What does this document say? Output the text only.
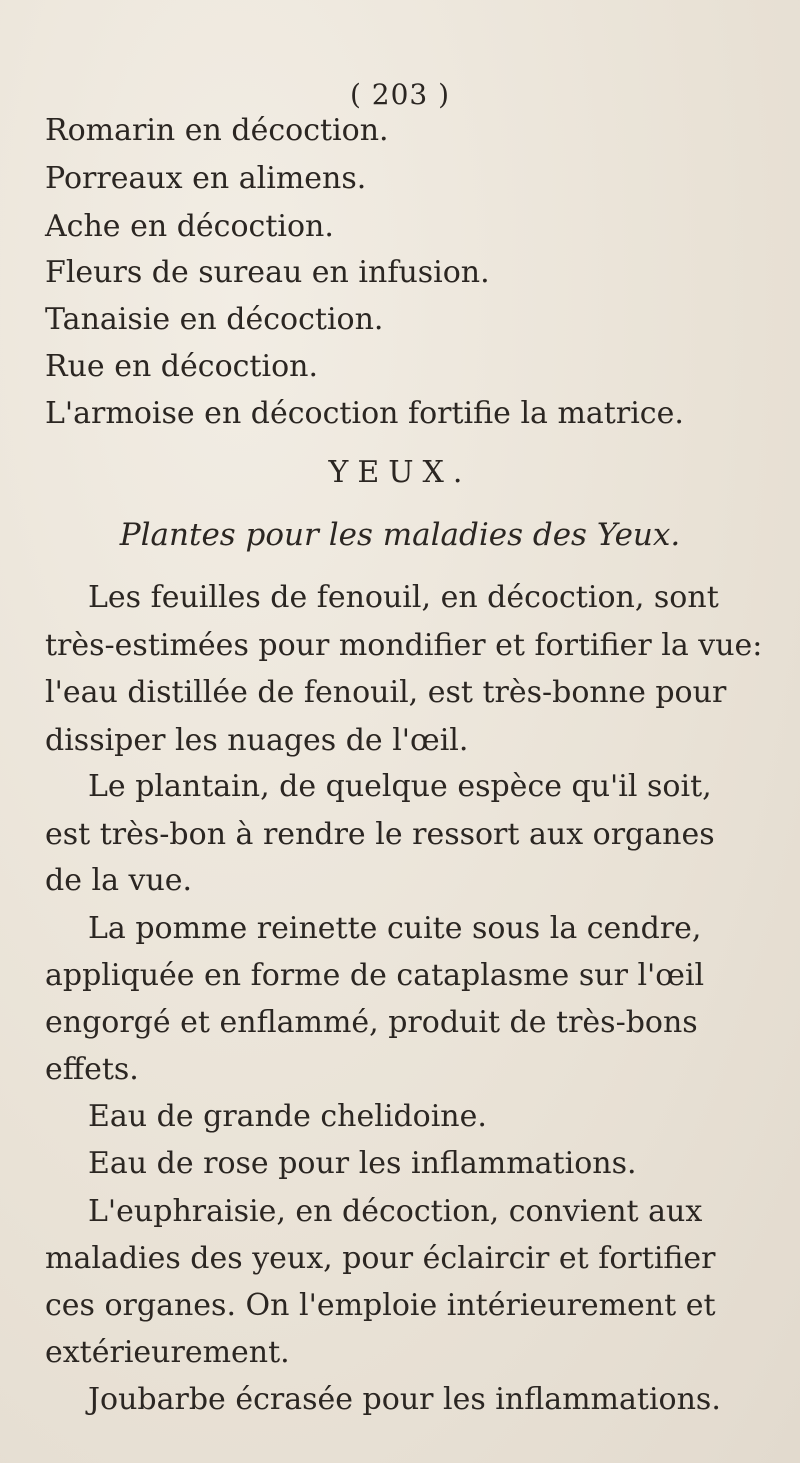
( 203 )
Romarin en décoction.
Porreaux en alimens.
Ache en décoction.
Fleurs de sureau en infusion.
Tanaisie en décoction.
Rue en décoction.
L'armoise en décoction fortifie la matrice.
YEUX.
Plantes pour les maladies des Yeux.
Les feuilles de fenouil, en décoction, sont
très-estimées pour mondifier et fortifier la vue:
l'eau distillée de fenouil, est très-bonne pour
dissiper les nuages de l'œil.
Le plantain, de quelque espèce qu'il soit,
est très-bon à rendre le ressort aux organes
de la vue.
La pomme reinette cuite sous la cendre,
appliquée en forme de cataplasme sur l'œil
engorgé et enflammé, produit de très-bons
effets.
Eau de grande chelidoine.
Eau de rose pour les inflammations.
L'euphraisie, en décoction, convient aux
maladies des yeux, pour éclaircir et fortifier
ces organes. On l'emploie intérieurement et
extérieurement.
Joubarbe écrasée pour les inflammations.
